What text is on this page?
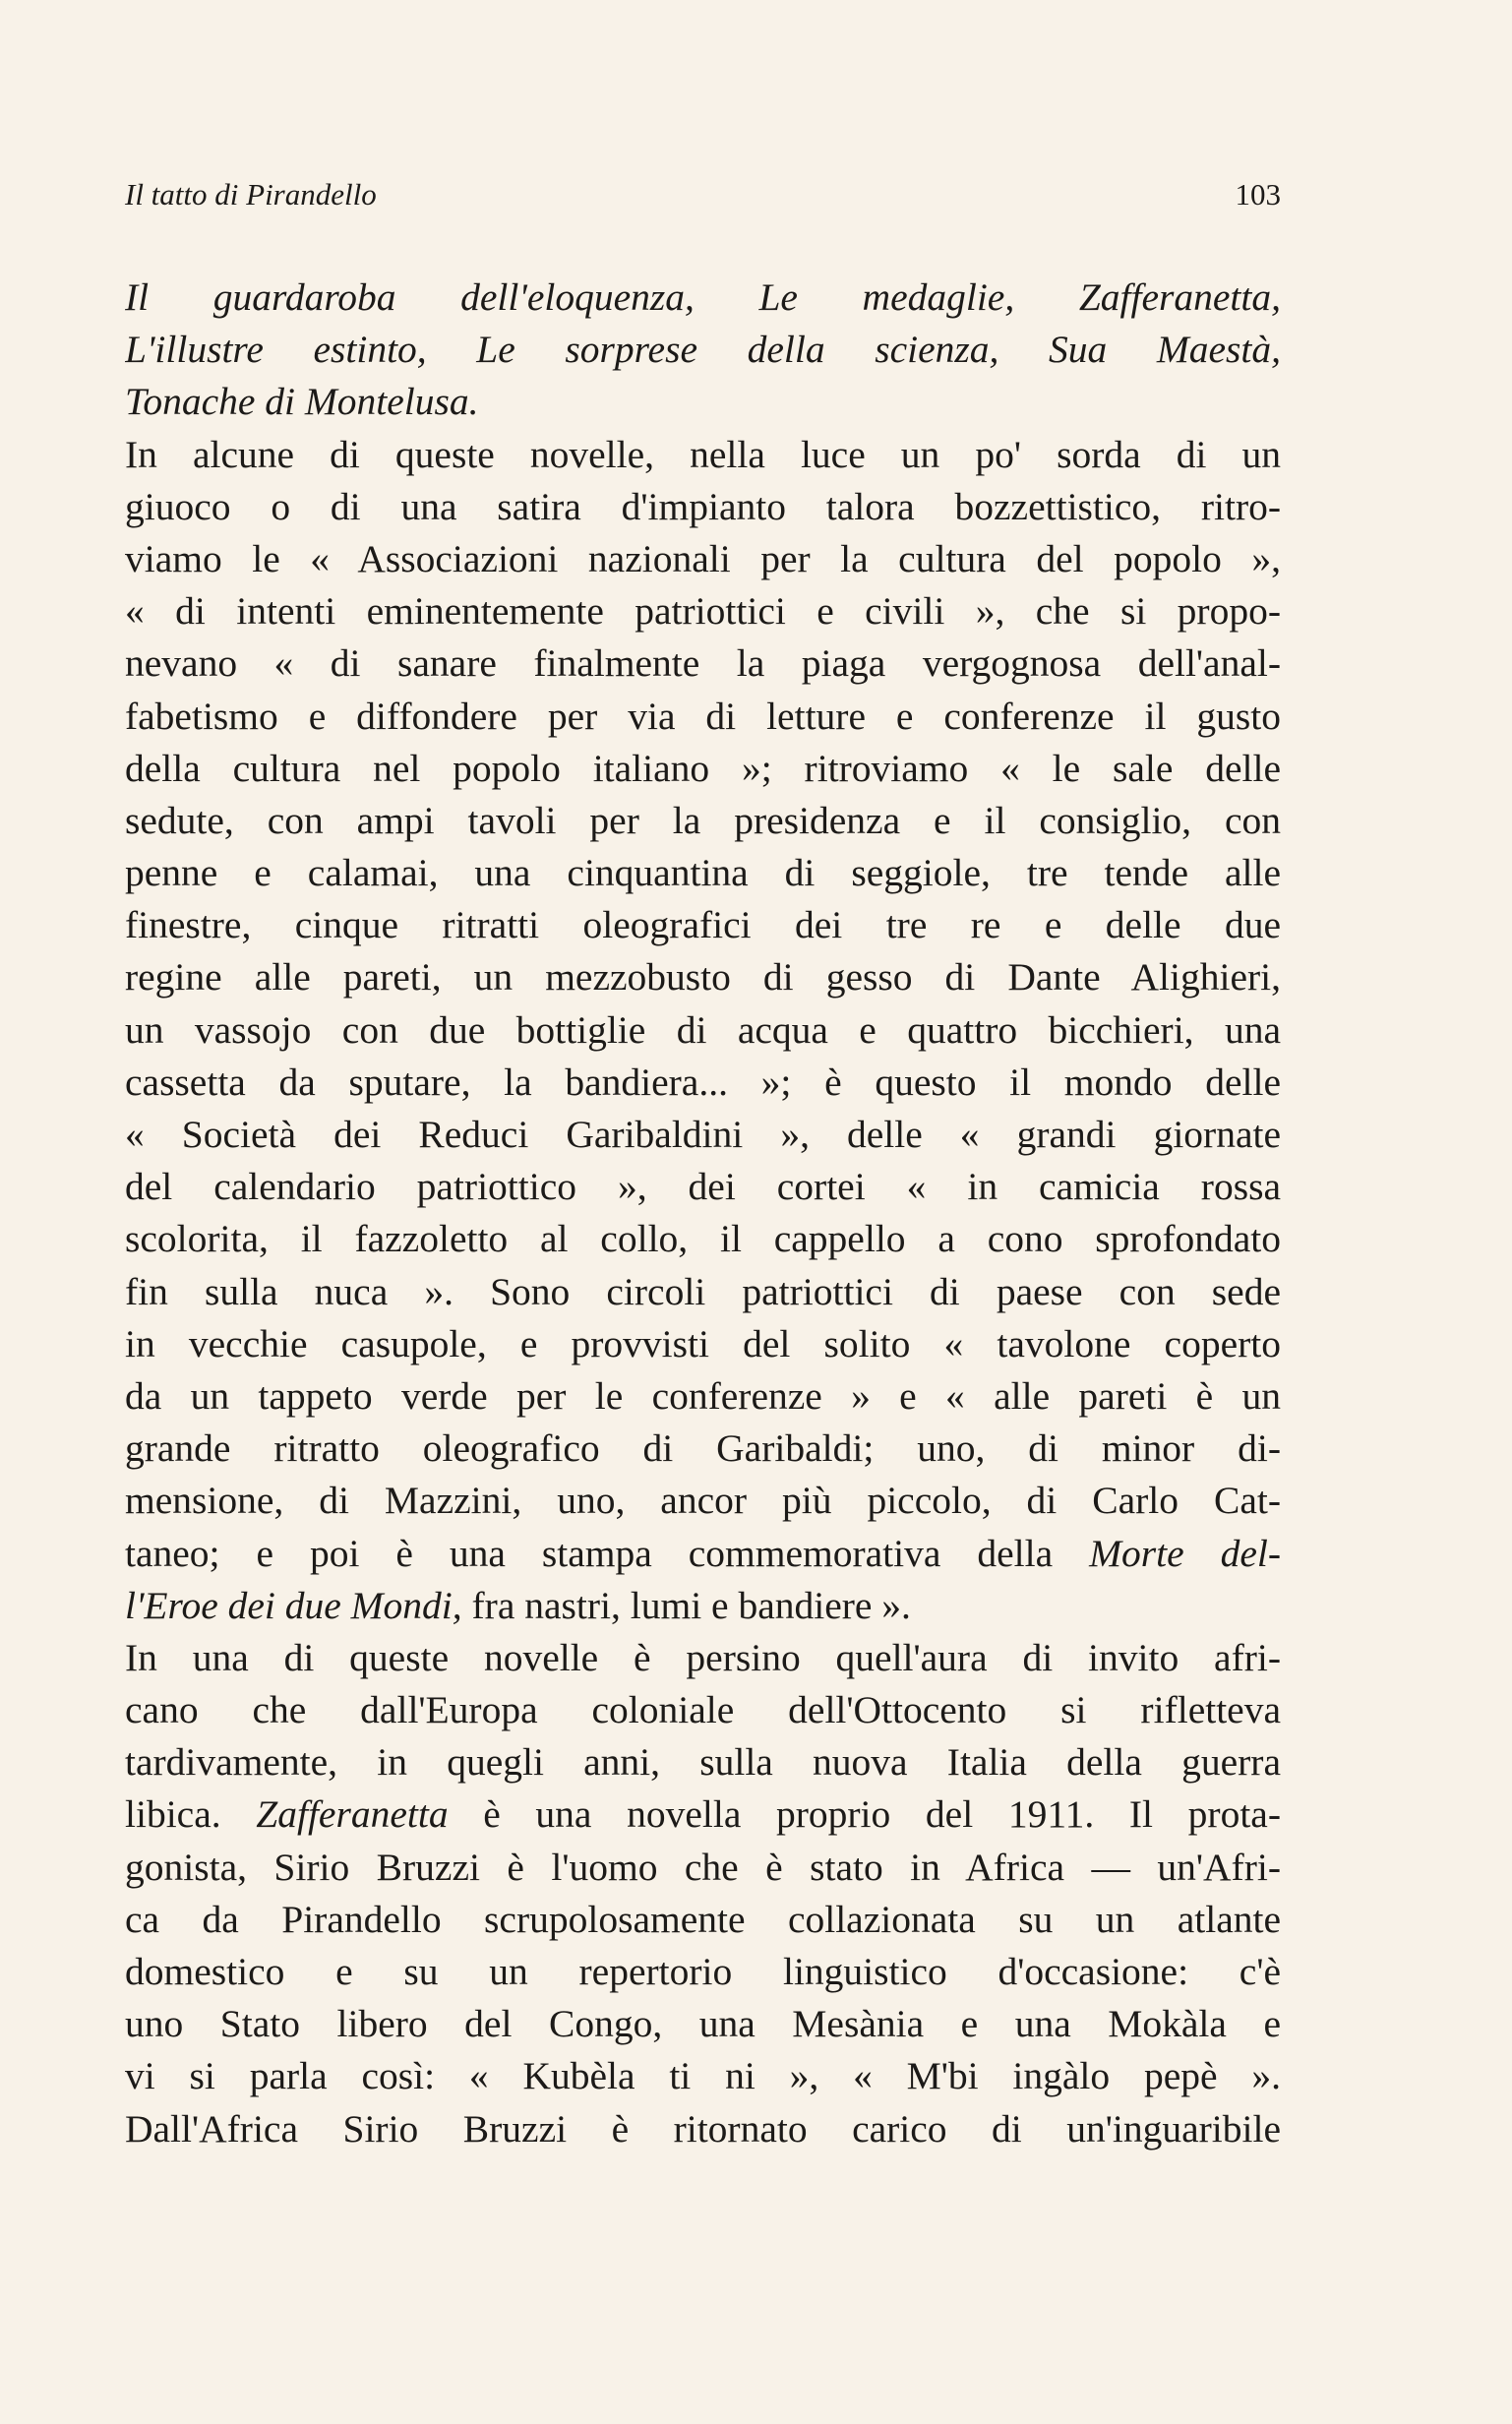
Il tatto di Pirandello	103
Il guardaroba dell'eloquenza, Le medaglie, Zafferanetta,
L'illustre estinto, Le sorprese della scienza, Sua Maestà,
Tonache di Montelusa.
In alcune di queste novelle, nella luce un po' sorda di un
giuoco o di una satira d'impianto talora bozzettistico, ritro-
viamo le « Associazioni nazionali per la cultura del popolo »,
« di intenti eminentemente patriottici e civili », che si propo-
nevano « di sanare finalmente la piaga vergognosa dell'anal-
fabetismo e diffondere per via di letture e conferenze il gusto
della cultura nel popolo italiano »; ritroviamo « le sale delle
sedute, con ampi tavoli per la presidenza e il consiglio, con
penne e calamai, una cinquantina di seggiole, tre tende alle
finestre, cinque ritratti oleografici dei tre re e delle due
regine alle pareti, un mezzobusto di gesso di Dante Alighieri,
un vassojo con due bottiglie di acqua e quattro bicchieri, una
cassetta da sputare, la bandiera... »; è questo il mondo delle
« Società dei Reduci Garibaldini », delle « grandi giornate
del calendario patriottico », dei cortei « in camicia rossa
scolorita, il fazzoletto al collo, il cappello a cono sprofondato
fin sulla nuca ». Sono circoli patriottici di paese con sede
in vecchie casupole, e provvisti del solito « tavolone coperto
da un tappeto verde per le conferenze » e « alle pareti è un
grande ritratto oleografico di Garibaldi; uno, di minor di-
mensione, di Mazzini, uno, ancor più piccolo, di Carlo Cat-
taneo; e poi è una stampa commemorativa della Morte del-
l'Eroe dei due Mondi, fra nastri, lumi e bandiere ».
In una di queste novelle è persino quell'aura di invito afri-
cano che dall'Europa coloniale dell'Ottocento si rifletteva
tardivamente, in quegli anni, sulla nuova Italia della guerra
libica. Zafferanetta è una novella proprio del 1911. Il prota-
gonista, Sirio Bruzzi è l'uomo che è stato in Africa — un'Afri-
ca da Pirandello scrupolosamente collazionata su un atlante
domestico e su un repertorio linguistico d'occasione: c'è
uno Stato libero del Congo, una Mesània e una Mokàla e
vi si parla così: « Kubèla ti ni », « M'bi ingàlo pepè ».
Dall'Africa Sirio Bruzzi è ritornato carico di un'inguaribile
